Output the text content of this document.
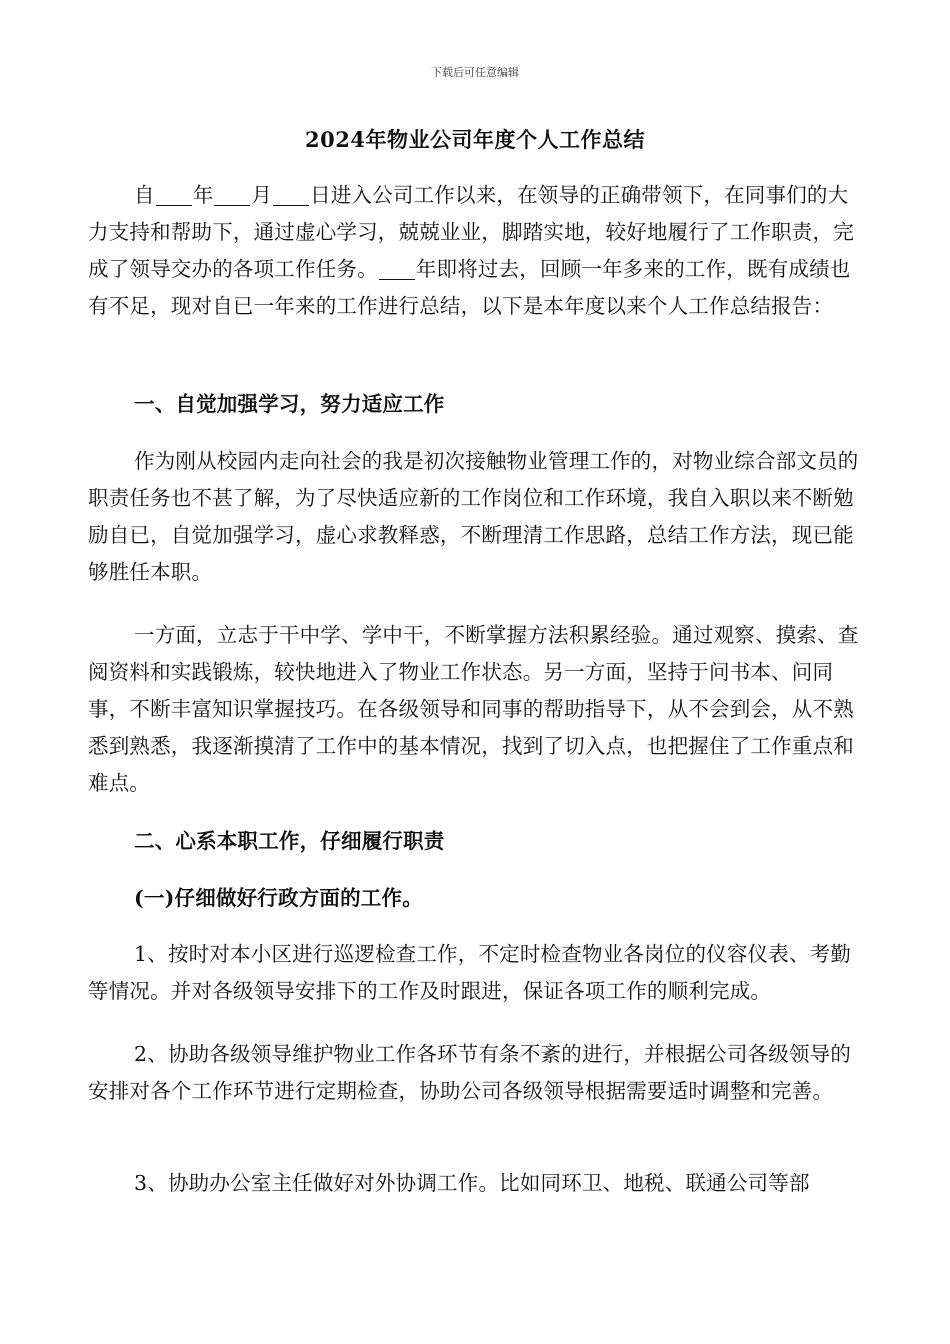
下载后可任意编辑
2024年物业公司年度个人工作总结
自 年 月 日进入公司工作以来，在领导的正确带领下，在同事们的大力支持和帮助下，通过虚心学习，兢兢业业，脚踏实地，较好地履行了工作职责，完成了领导交办的各项工作任务。 年即将过去，回顾一年多来的工作，既有成绩也有不足，现对自已一年来的工作进行总结，以下是本年度以来个人工作总结报告：
一、自觉加强学习，努力适应工作
作为刚从校园内走向社会的我是初次接触物业管理工作的，对物业综合部文员的职责任务也不甚了解，为了尽快适应新的工作岗位和工作环境，我自入职以来不断勉励自已，自觉加强学习，虚心求教释惑，不断理清工作思路，总结工作方法，现已能够胜任本职。
一方面，立志于干中学、学中干，不断掌握方法积累经验。通过观察、摸索、查阅资料和实践锻炼，较快地进入了物业工作状态。另一方面，坚持于问书本、问同事，不断丰富知识掌握技巧。在各级领导和同事的帮助指导下，从不会到会，从不熟悉到熟悉，我逐渐摸清了工作中的基本情况，找到了切入点，也把握住了工作重点和难点。
二、心系本职工作，仔细履行职责
(一)仔细做好行政方面的工作。
1、按时对本小区进行巡逻检查工作，不定时检查物业各岗位的仪容仪表、考勤等情况。并对各级领导安排下的工作及时跟进，保证各项工作的顺利完成。
2、协助各级领导维护物业工作各环节有条不紊的进行，并根据公司各级领导的安排对各个工作环节进行定期检查，协助公司各级领导根据需要适时调整和完善。
3、协助办公室主任做好对外协调工作。比如同环卫、地税、联通公司等部
